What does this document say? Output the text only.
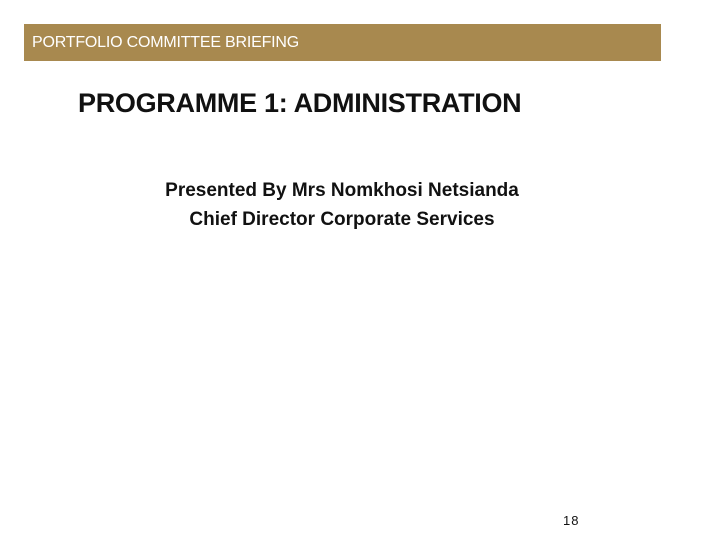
PORTFOLIO COMMITTEE BRIEFING
PROGRAMME 1: ADMINISTRATION
Presented By Mrs Nomkhosi Netsianda
Chief Director Corporate Services
18
